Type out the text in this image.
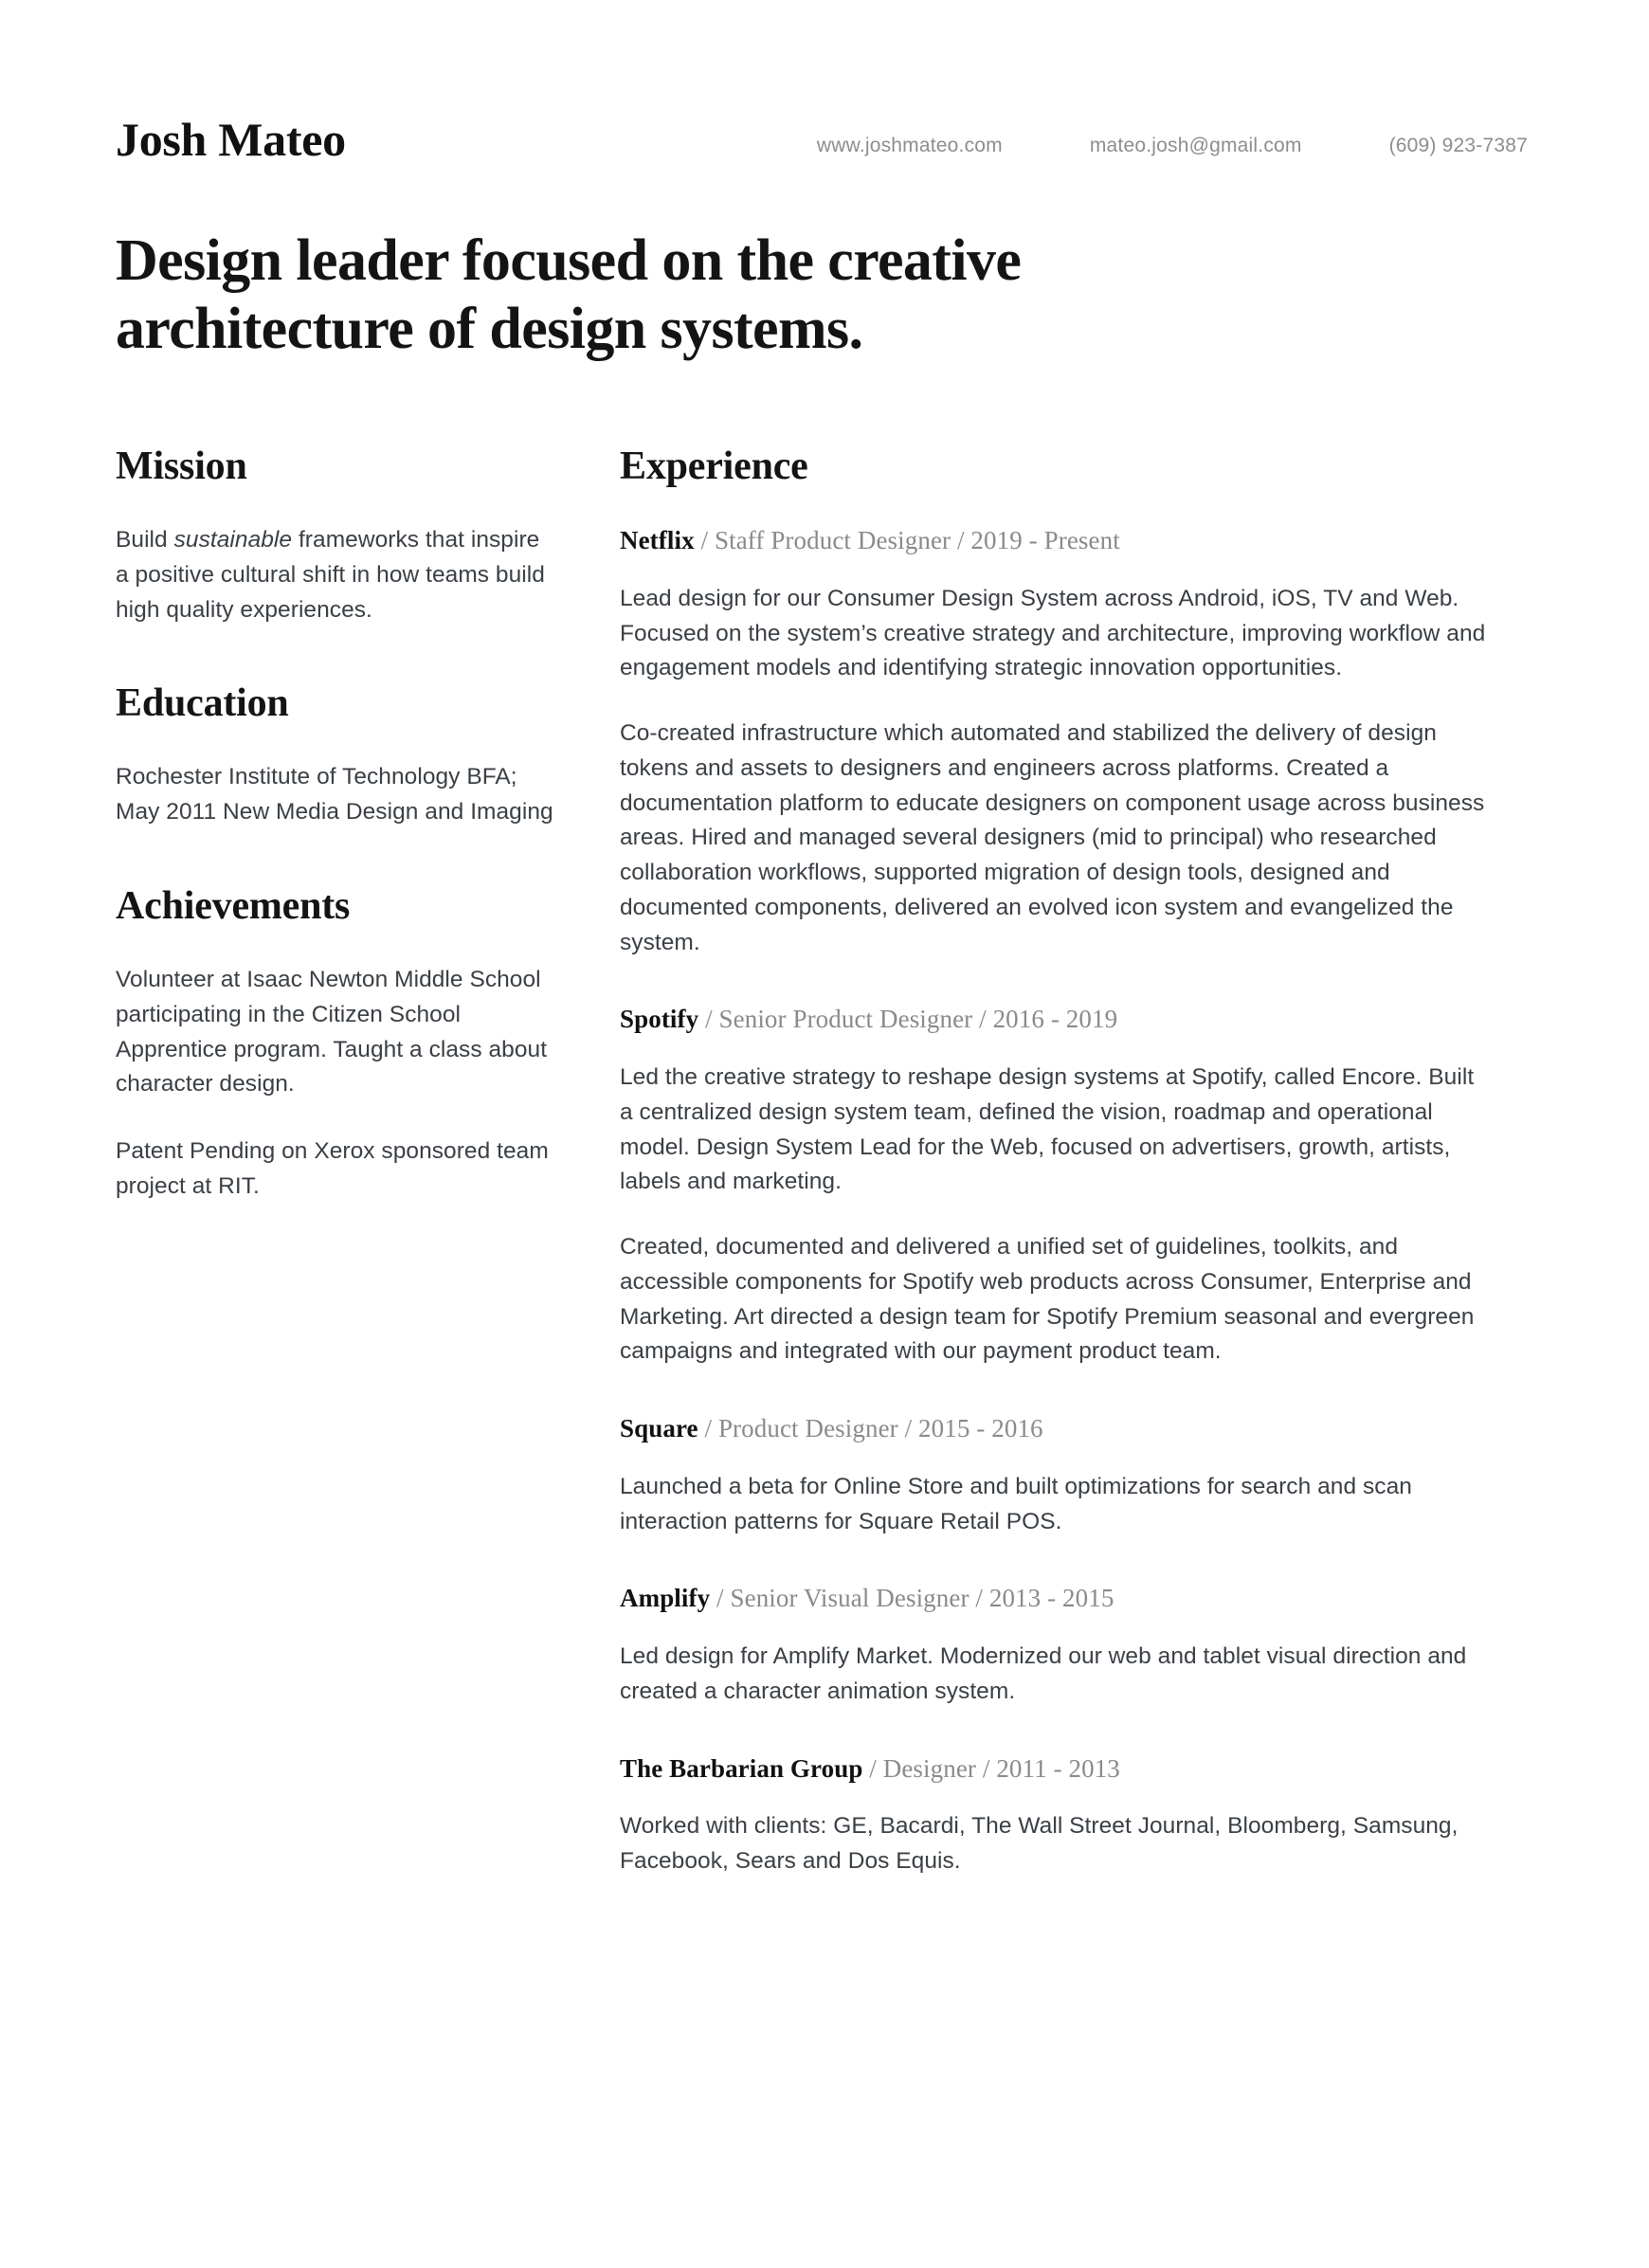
Josh Mateo	www.joshmateo.com	mateo.josh@gmail.com	(609) 923-7387
Design leader focused on the creative architecture of design systems.
Mission

Build sustainable frameworks that inspire a positive cultural shift in how teams build high quality experiences.

Education

Rochester Institute of Technology BFA; May 2011 New Media Design and Imaging

Achievements

Volunteer at Isaac Newton Middle School participating in the Citizen School Apprentice program. Taught a class about character design.

Patent Pending on Xerox sponsored team project at RIT.

Experience

Netflix / Staff Product Designer / 2019 - Present

Lead design for our Consumer Design System across Android, iOS, TV and Web. Focused on the system’s creative strategy and architecture, improving workflow and engagement models and identifying strategic innovation opportunities.

Co-created infrastructure which automated and stabilized the delivery of design tokens and assets to designers and engineers across platforms. Created a documentation platform to educate designers on component usage across business areas. Hired and managed several designers (mid to principal) who researched collaboration workflows, supported migration of design tools, designed and documented components, delivered an evolved icon system and evangelized the system.

Spotify / Senior Product Designer / 2016 - 2019

Led the creative strategy to reshape design systems at Spotify, called Encore. Built a centralized design system team, defined the vision, roadmap and operational model. Design System Lead for the Web, focused on advertisers, growth, artists, labels and marketing.

Created, documented and delivered a unified set of guidelines, toolkits, and accessible components for Spotify web products across Consumer, Enterprise and Marketing. Art directed a design team for Spotify Premium seasonal and evergreen campaigns and integrated with our payment product team.

Square / Product Designer / 2015 - 2016

Launched a beta for Online Store and built optimizations for search and scan interaction patterns for Square Retail POS.

Amplify / Senior Visual Designer / 2013 - 2015

Led design for Amplify Market. Modernized our web and tablet visual direction and created a character animation system.

The Barbarian Group / Designer / 2011 - 2013

Worked with clients: GE, Bacardi, The Wall Street Journal, Bloomberg, Samsung, Facebook, Sears and Dos Equis.
